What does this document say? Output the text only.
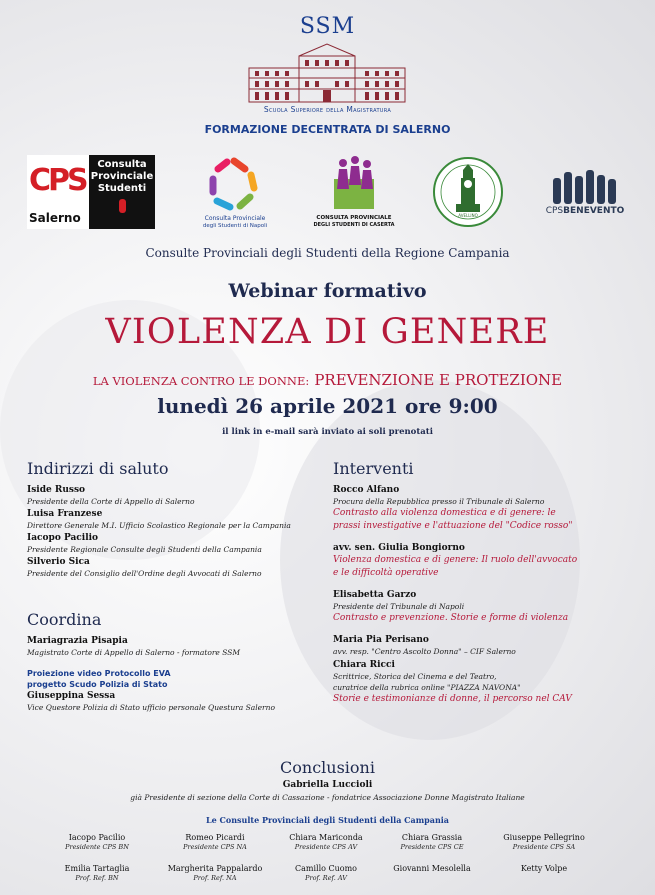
SSM
Scuola Superiore della Magistratura
FORMAZIONE DECENTRATA DI SALERNO
CPS
Salerno
Consulta
Provinciale
Studenti
Consulta Provinciale
degli Studenti di Napoli
CONSULTA PROVINCIALE
DEGLI STUDENTI DI CASERTA
AVELLINO	CPSBENEVENTO
Consulte Provinciali degli Studenti della Regione Campania
Webinar formativo
VIOLENZA DI GENERE
LA VIOLENZA CONTRO LE DONNE: PREVENZIONE E PROTEZIONE
lunedì 26 aprile 2021 ore 9:00
il link in e-mail sarà inviato ai soli prenotati
Indirizzi di saluto
Iside Russo
Presidente della Corte di Appello di Salerno
Luisa Franzese
Direttore Generale M.I. Ufficio Scolastico Regionale per la Campania
Iacopo Pacilio
Presidente Regionale Consulte degli Studenti della Campania
Silverio Sica
Presidente del Consiglio dell'Ordine degli Avvocati di Salerno
Coordina
Mariagrazia Pisapia
Magistrato Corte di Appello di Salerno - formatore SSM
Proiezione video Protocollo EVA
progetto Scudo Polizia di Stato
Giuseppina Sessa
Vice Questore Polizia di Stato ufficio personale Questura Salerno
Interventi
Rocco Alfano
Procura della Repubblica presso il Tribunale di Salerno
Contrasto alla violenza domestica e di genere: le
prassi investigative e l'attuazione del "Codice rosso"
avv. sen. Giulia Bongiorno
Violenza domestica e di genere: Il ruolo dell'avvocato
e le difficoltà operative
Elisabetta Garzo
Presidente del Tribunale di Napoli
Contrasto e prevenzione. Storie e forme di violenza
Maria Pia Perisano
avv. resp. "Centro Ascolto Donna" – CIF Salerno
Chiara Ricci
Scrittrice, Storica del Cinema e del Teatro,
curatrice della rubrica online "PIAZZA NAVONA"
Storie e testimonianze di donne, il percorso nel CAV
Conclusioni
Gabriella Luccioli
già Presidente di sezione della Corte di Cassazione - fondatrice Associazione Donne Magistrato Italiane
Le Consulte Provinciali degli Studenti della Campania
Iacopo Pacilio
Presidente CPS BN
Romeo Picardi
Presidente CPS NA
Chiara Mariconda
Presidente CPS AV
Chiara Grassia
Presidente CPS CE
Giuseppe Pellegrino
Presidente CPS SA
Emilia Tartaglia
Prof. Ref. BN
Margherita Pappalardo
Prof. Ref. NA
Camillo Cuomo
Prof. Ref. AV
Giovanni Mesolella	Ketty Volpe
